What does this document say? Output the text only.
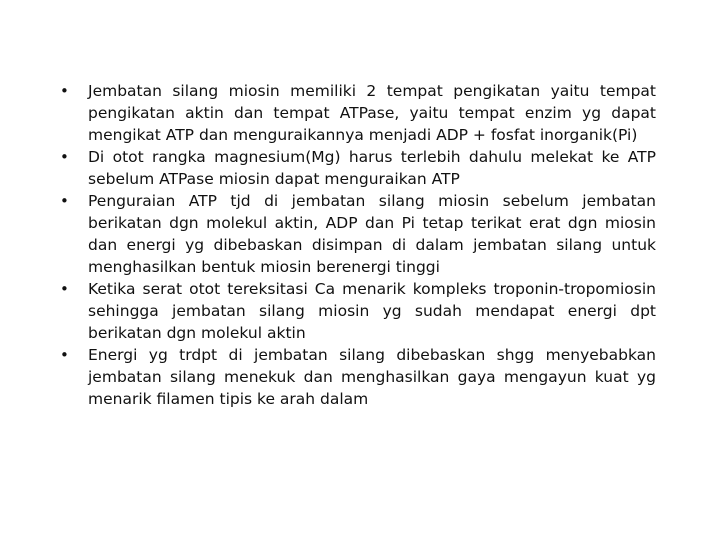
• Jembatan silang miosin memiliki 2 tempat pengikatan yaitu tempat pengikatan aktin dan tempat ATPase, yaitu tempat enzim yg dapat mengikat ATP dan menguraikannya menjadi ADP + fosfat inorganik(Pi)
• Di otot rangka magnesium(Mg) harus terlebih dahulu melekat ke ATP sebelum ATPase miosin dapat menguraikan ATP
• Penguraian ATP tjd di jembatan silang miosin sebelum jembatan berikatan dgn molekul aktin, ADP dan Pi tetap terikat erat dgn miosin dan energi yg dibebaskan disimpan di dalam jembatan silang untuk menghasilkan bentuk miosin berenergi tinggi
• Ketika serat otot tereksitasi Ca menarik kompleks troponin-tropomiosin sehingga jembatan silang miosin yg sudah mendapat energi dpt berikatan dgn molekul aktin
• Energi yg trdpt di jembatan silang dibebaskan shgg menyebabkan jembatan silang menekuk dan menghasilkan gaya mengayun kuat yg menarik filamen tipis ke arah dalam
